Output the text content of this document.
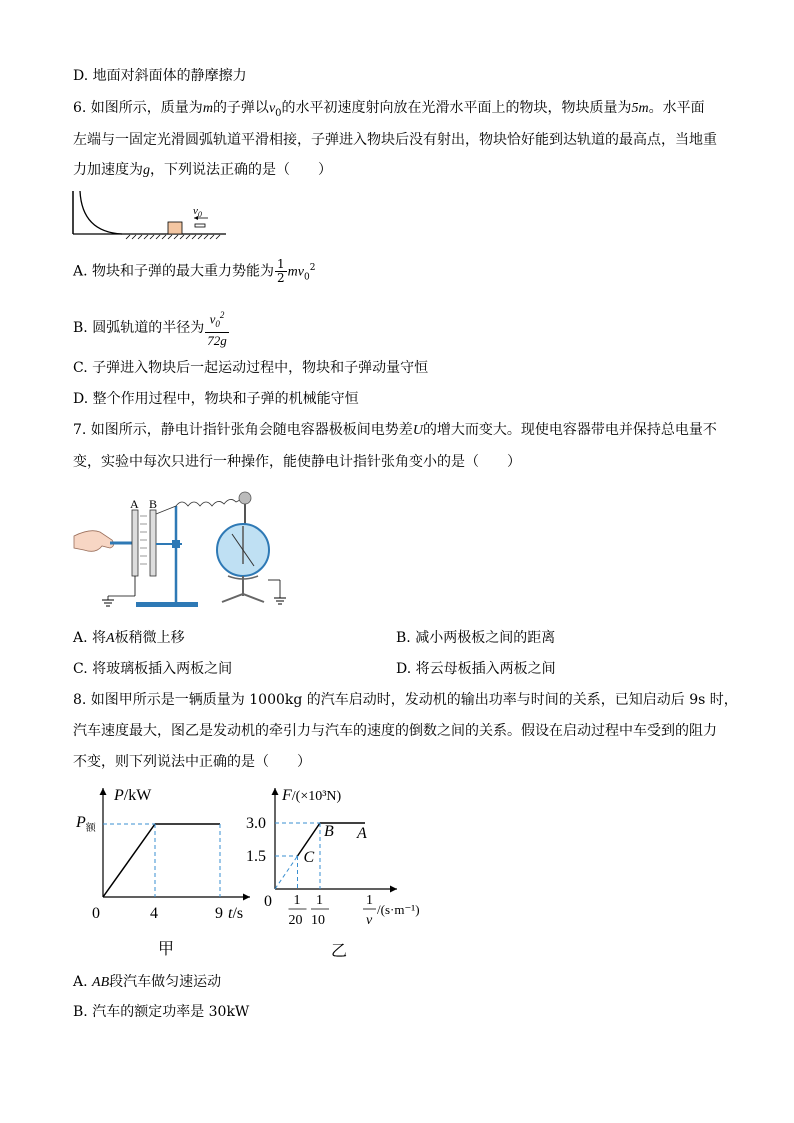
D. 地面对斜面体的静摩擦力
6. 如图所示，质量为m的子弹以$v_0$的水平初速度射向放在光滑水平面上的物块，物块质量为5m。水平面
左端与一固定光滑圆弧轨道平滑相接，子弹进入物块后没有射出，物块恰好能到达轨道的最高点，当地重
力加速度为g，下列说法正确的是（　　）
$v_0$
A. 物块和子弹的最大重力势能为 $\frac{1}{2} mv_0^2$
B. 圆弧轨道的半径为 $\frac{v_0^2}{72g}$
C. 子弹进入物块后一起运动过程中，物块和子弹动量守恒
D. 整个作用过程中，物块和子弹的机械能守恒
7. 如图所示，静电计指针张角会随电容器极板间电势差U的增大而变大。现使电容器带电并保持总电量不
变，实验中每次只进行一种操作，能使静电计指针张角变小的是（　　）
A B
A. 将A板稍微上移	B. 减小两极板之间的距离
C. 将玻璃板插入两板之间	D. 将云母板插入两板之间
8. 如图甲所示是一辆质量为 1000kg 的汽车启动时，发动机的输出功率与时间的关系，已知启动后 9s 时，
汽车速度最大，图乙是发动机的牵引力与汽车的速度的倒数之间的关系。假设在启动过程中车受到的阻力
不变，则下列说法中正确的是（　　）
P/kW
$P_额$
0	4	9 t/s
甲
F/(×10³N)
0	1
v
/(s·m⁻¹)
3.0
1.5
1
20
1
10
C
B A
乙
A. AB段汽车做匀速运动
B. 汽车的额定功率是 30kW
